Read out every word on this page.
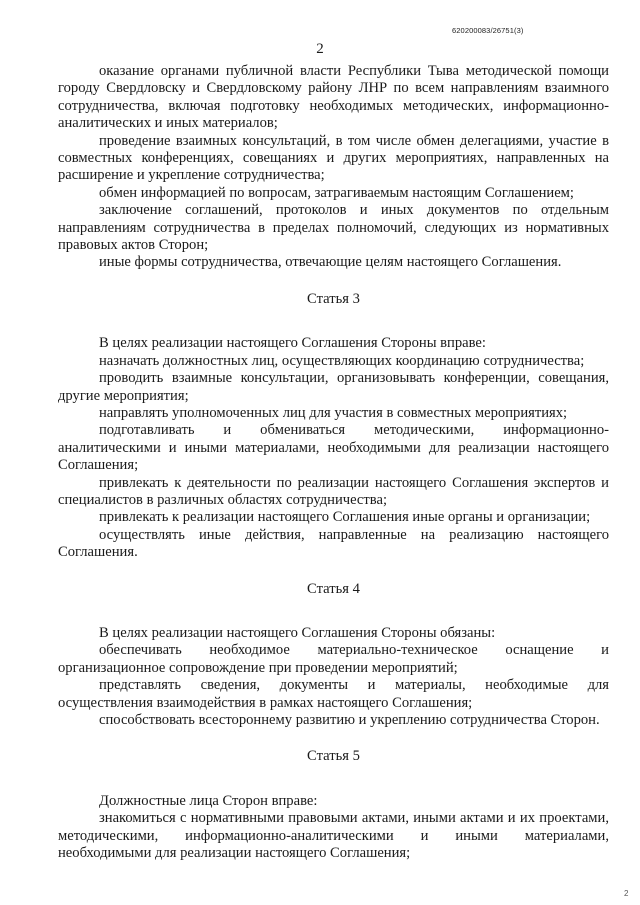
620200083/26751(3)
2

оказание органами публичной власти Республики Тыва методической помощи городу Свердловску и Свердловскому району ЛНР по всем направлениям взаимного сотрудничества, включая подготовку необходимых методических, информационно-аналитических и иных материалов;

проведение взаимных консультаций, в том числе обмен делегациями, участие в совместных конференциях, совещаниях и других мероприятиях, направленных на расширение и укрепление сотрудничества;

обмен информацией по вопросам, затрагиваемым настоящим Соглашением;

заключение соглашений, протоколов и иных документов по отдельным направлениям сотрудничества в пределах полномочий, следующих из нормативных правовых актов Сторон;

иные формы сотрудничества, отвечающие целям настоящего Соглашения.

Статья 3

В целях реализации настоящего Соглашения Стороны вправе:

назначать должностных лиц, осуществляющих координацию сотрудничества;

проводить взаимные консультации, организовывать конференции, совещания, другие мероприятия;

направлять уполномоченных лиц для участия в совместных мероприятиях;

подготавливать и обмениваться методическими, информационно-аналитическими и иными материалами, необходимыми для реализации настоящего Соглашения;

привлекать к деятельности по реализации настоящего Соглашения экспертов и специалистов в различных областях сотрудничества;

привлекать к реализации настоящего Соглашения иные органы и организации;

осуществлять иные действия, направленные на реализацию настоящего Соглашения.

Статья 4

В целях реализации настоящего Соглашения Стороны обязаны:

обеспечивать необходимое материально-техническое оснащение и организационное сопровождение при проведении мероприятий;

представлять сведения, документы и материалы, необходимые для осуществления взаимодействия в рамках настоящего Соглашения;

способствовать всестороннему развитию и укреплению сотрудничества Сторон.

Статья 5

Должностные лица Сторон вправе:

знакомиться с нормативными правовыми актами, иными актами и их проектами, методическими, информационно-аналитическими и иными материалами, необходимыми для реализации настоящего Соглашения;

2
